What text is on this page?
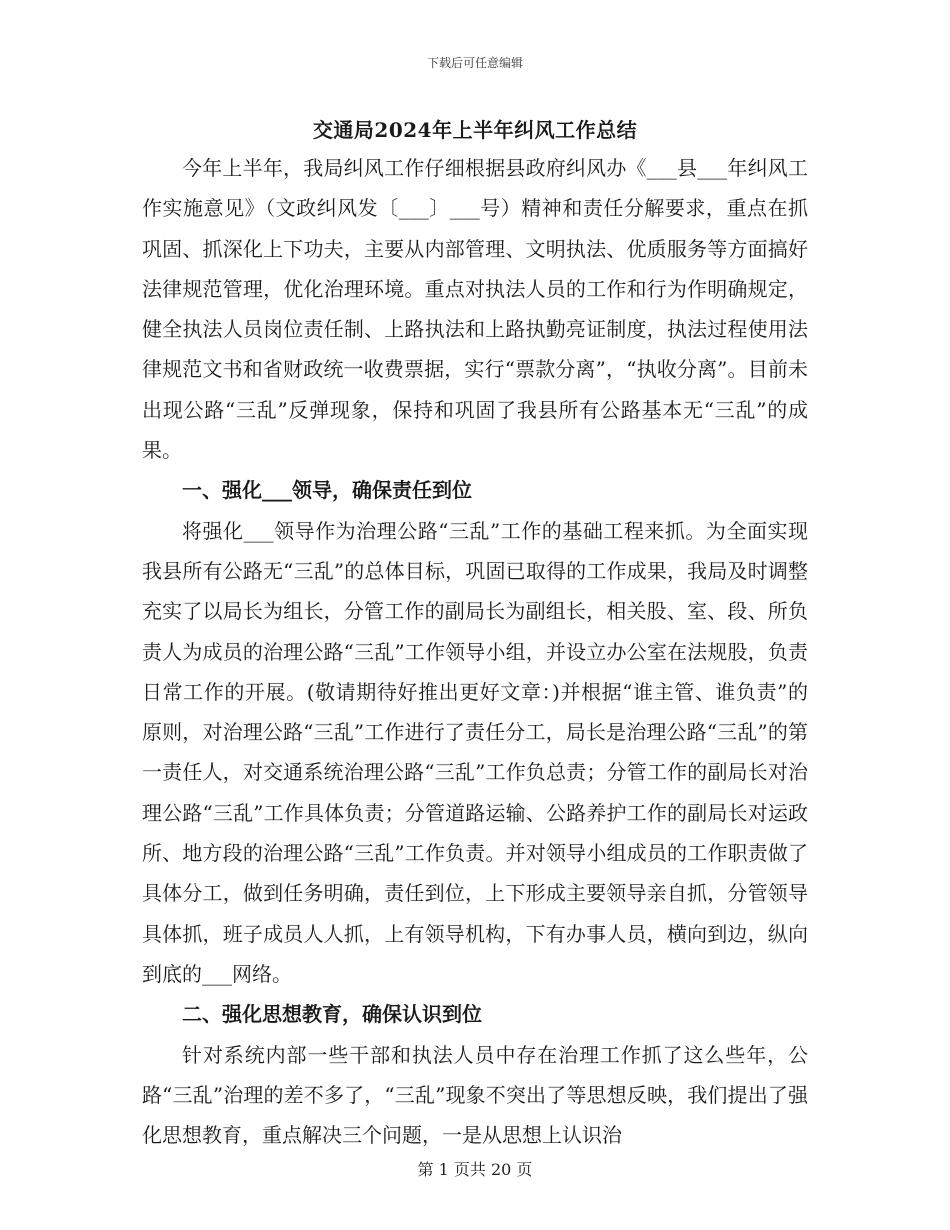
下载后可任意编辑
交通局2024年上半年纠风工作总结

今年上半年，我局纠风工作仔细根据县政府纠风办《___县___年纠风工作实施意见》（文政纠风发〔___〕___号）精神和责任分解要求，重点在抓巩固、抓深化上下功夫，主要从内部管理、文明执法、优质服务等方面搞好法律规范管理，优化治理环境。重点对执法人员的工作和行为作明确规定，健全执法人员岗位责任制、上路执法和上路执勤亮证制度，执法过程使用法律规范文书和省财政统一收费票据，实行“票款分离”，“执收分离”。目前未出现公路“三乱”反弹现象，保持和巩固了我县所有公路基本无“三乱”的成果。

一、强化___领导，确保责任到位

将强化___领导作为治理公路“三乱”工作的基础工程来抓。为全面实现我县所有公路无“三乱”的总体目标，巩固已取得的工作成果，我局及时调整充实了以局长为组长，分管工作的副局长为副组长，相关股、室、段、所负责人为成员的治理公路“三乱”工作领导小组，并设立办公室在法规股，负责日常工作的开展。(敬请期待好推出更好文章：)并根据“谁主管、谁负责”的原则，对治理公路“三乱”工作进行了责任分工，局长是治理公路“三乱”的第一责任人，对交通系统治理公路“三乱”工作负总责；分管工作的副局长对治理公路“三乱”工作具体负责；分管道路运输、公路养护工作的副局长对运政所、地方段的治理公路“三乱”工作负责。并对领导小组成员的工作职责做了具体分工，做到任务明确，责任到位，上下形成主要领导亲自抓，分管领导具体抓，班子成员人人抓，上有领导机构，下有办事人员，横向到边，纵向到底的___网络。

二、强化思想教育，确保认识到位

针对系统内部一些干部和执法人员中存在治理工作抓了这么些年，公路“三乱”治理的差不多了，“三乱”现象不突出了等思想反映，我们提出了强化思想教育，重点解决三个问题，一是从思想上认识治

第 1 页共 20 页
